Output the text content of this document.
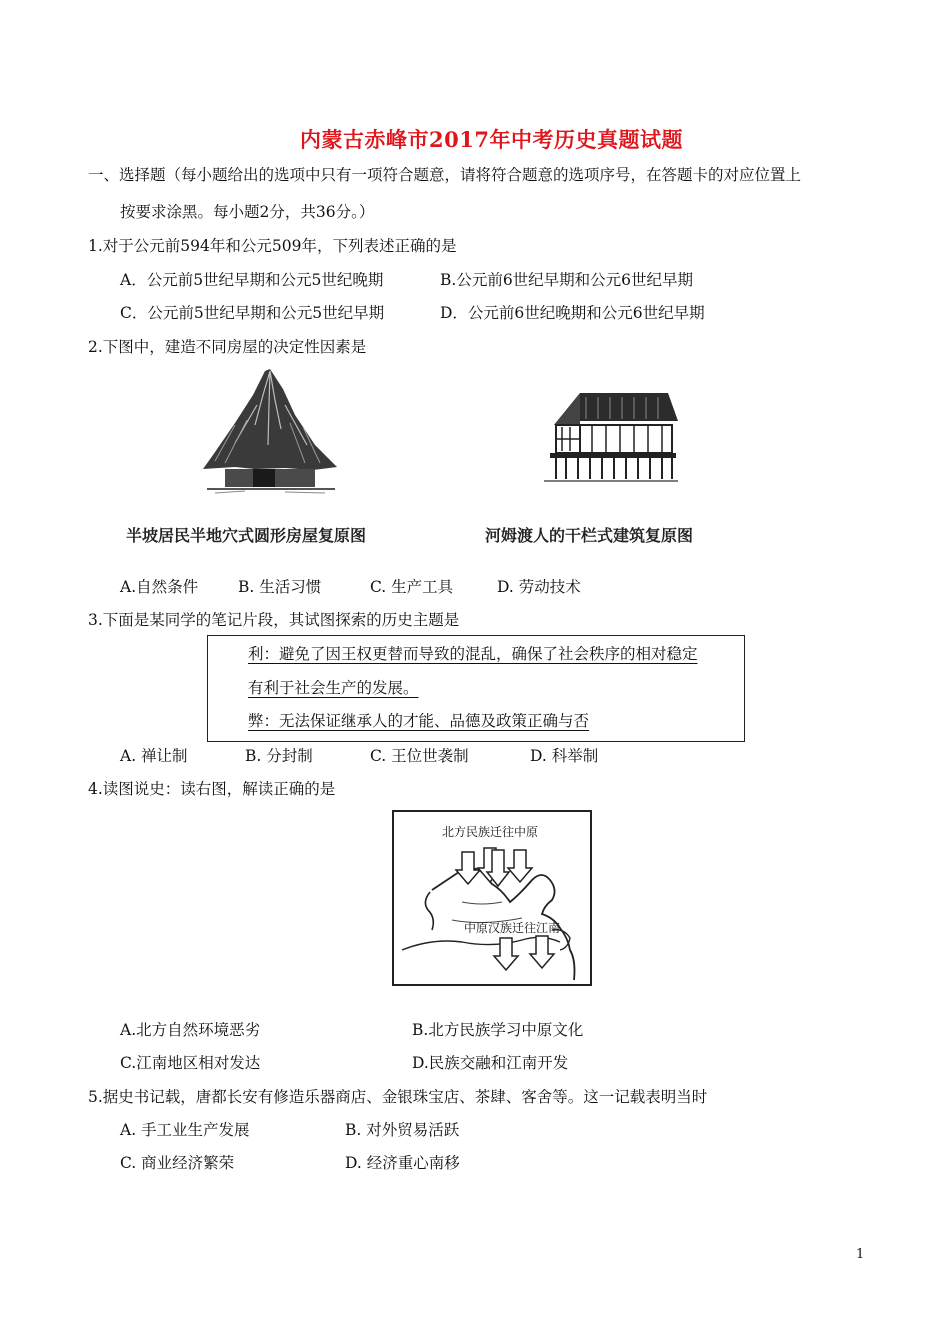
内蒙古赤峰市2017年中考历史真题试题
一、选择题（每小题给出的选项中只有一项符合题意，请将符合题意的选项序号，在答题卡的对应位置上
按要求涂黑。每小题2分，共36分。）
1.对于公元前594年和公元509年，下列表述正确的是
A．公元前5世纪早期和公元5世纪晚期	B.公元前6世纪早期和公元6世纪早期
C．公元前5世纪早期和公元5世纪早期	D．公元前6世纪晚期和公元6世纪早期
2.下图中，建造不同房屋的决定性因素是
半坡居民半地穴式圆形房屋复原图	河姆渡人的干栏式建筑复原图
A.自然条件	B. 生活习惯	C. 生产工具	D. 劳动技术
3.下面是某同学的笔记片段，其试图探索的历史主题是
利：避免了因王权更替而导致的混乱，确保了社会秩序的相对稳定
有利于社会生产的发展。
弊：无法保证继承人的才能、品德及政策正确与否
A. 禅让制	B. 分封制	C. 王位世袭制	D. 科举制
4.读图说史：读右图，解读正确的是
北方民族迁往中原
中原汉族迁往江南
A.北方自然环境恶劣	B.北方民族学习中原文化
C.江南地区相对发达	D.民族交融和江南开发
5.据史书记载，唐都长安有修造乐器商店、金银珠宝店、茶肆、客舍等。这一记载表明当时
A. 手工业生产发展	B. 对外贸易活跃
C. 商业经济繁荣	D. 经济重心南移
1
